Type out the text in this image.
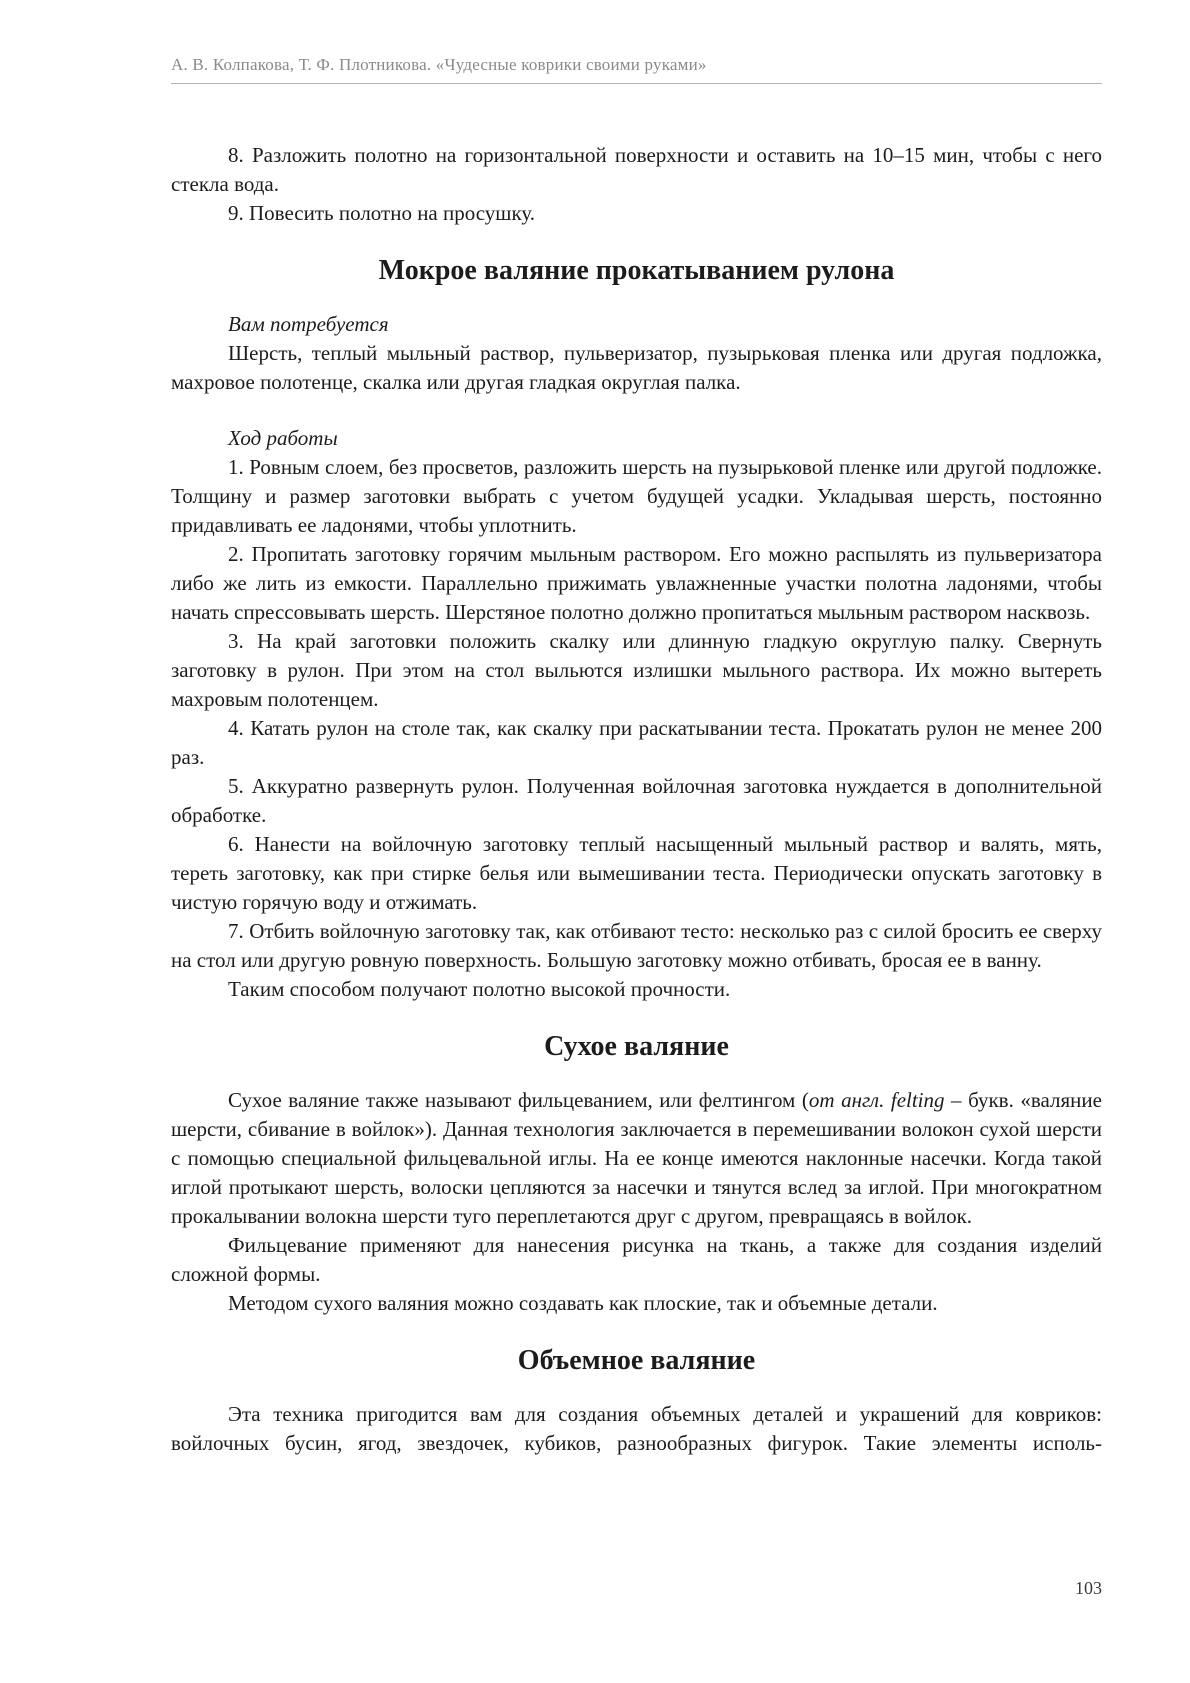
А. В. Колпакова, Т. Ф. Плотникова. «Чудесные коврики своими руками»

8. Разложить полотно на горизонтальной поверхности и оставить на 10–15 мин, чтобы с него стекла вода.

9. Повесить полотно на просушку.

Мокрое валяние прокатыванием рулона

Вам потребуется

Шерсть, теплый мыльный раствор, пульверизатор, пузырьковая пленка или другая подложка, махровое полотенце, скалка или другая гладкая округлая палка.

Ход работы

1. Ровным слоем, без просветов, разложить шерсть на пузырьковой пленке или другой подложке. Толщину и размер заготовки выбрать с учетом будущей усадки. Укладывая шерсть, постоянно придавливать ее ладонями, чтобы уплотнить.

2. Пропитать заготовку горячим мыльным раствором. Его можно распылять из пульверизатора либо же лить из емкости. Параллельно прижимать увлажненные участки полотна ладонями, чтобы начать спрессовывать шерсть. Шерстяное полотно должно пропитаться мыльным раствором насквозь.

3. На край заготовки положить скалку или длинную гладкую округлую палку. Свернуть заготовку в рулон. При этом на стол выльются излишки мыльного раствора. Их можно вытереть махровым полотенцем.

4. Катать рулон на столе так, как скалку при раскатывании теста. Прокатать рулон не менее 200 раз.

5. Аккуратно развернуть рулон. Полученная войлочная заготовка нуждается в дополнительной обработке.

6. Нанести на войлочную заготовку теплый насыщенный мыльный раствор и валять, мять, тереть заготовку, как при стирке белья или вымешивании теста. Периодически опускать заготовку в чистую горячую воду и отжимать.

7. Отбить войлочную заготовку так, как отбивают тесто: несколько раз с силой бросить ее сверху на стол или другую ровную поверхность. Большую заготовку можно отбивать, бросая ее в ванну.

Таким способом получают полотно высокой прочности.

Сухое валяние

Сухое валяние также называют фильцеванием, или фелтингом (от англ. felting – букв. «валяние шерсти, сбивание в войлок»). Данная технология заключается в перемешивании волокон сухой шерсти с помощью специальной фильцевальной иглы. На ее конце имеются наклонные насечки. Когда такой иглой протыкают шерсть, волоски цепляются за насечки и тянутся вслед за иглой. При многократном прокалывании волокна шерсти туго переплетаются друг с другом, превращаясь в войлок.

Фильцевание применяют для нанесения рисунка на ткань, а также для создания изделий сложной формы.

Методом сухого валяния можно создавать как плоские, так и объемные детали.

Объемное валяние

Эта техника пригодится вам для создания объемных деталей и украшений для ковриков: войлочных бусин, ягод, звездочек, кубиков, разнообразных фигурок. Такие элементы исполь-

103
